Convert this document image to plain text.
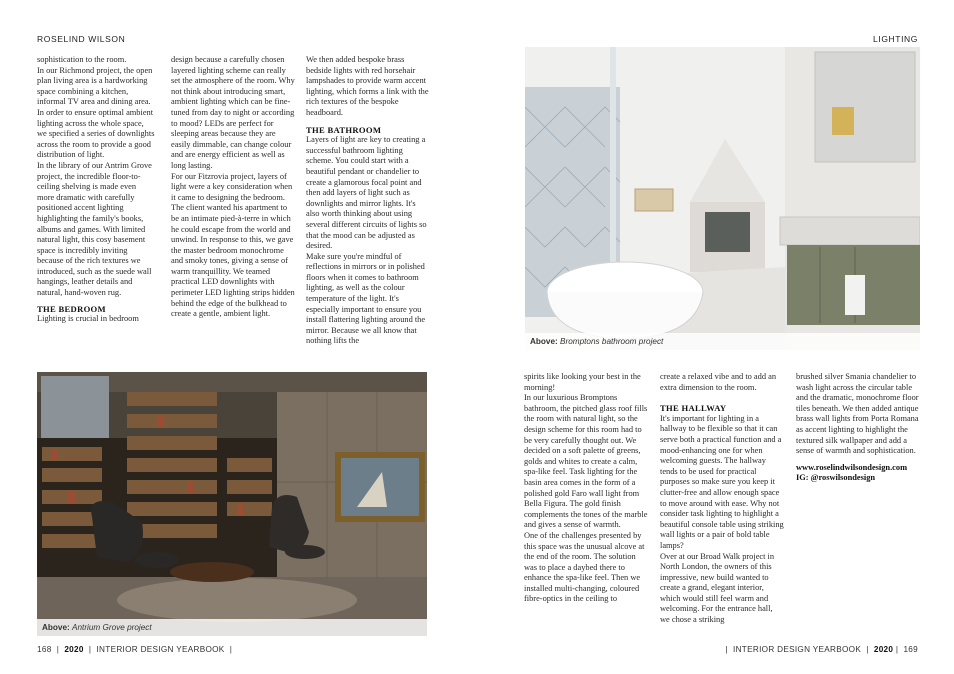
ROSELIND WILSON	LIGHTING

sophistication to the room.

In our Richmond project, the open plan living area is a hardworking space combining a kitchen, informal TV area and dining area. In order to ensure optimal ambient lighting across the whole space, we specified a series of downlights across the room to provide a good distribution of light.

In the library of our Antrim Grove project, the incredible floor-to-ceiling shelving is made even more dramatic with carefully positioned accent lighting highlighting the family's books, albums and games. With limited natural light, this cosy basement space is incredibly inviting because of the rich textures we introduced, such as the suede wall hangings, leather details and natural, hand-woven rug.

THE BEDROOM

Lighting is crucial in bedroom

design because a carefully chosen layered lighting scheme can really set the atmosphere of the room. Why not think about introducing smart, ambient lighting which can be fine-tuned from day to night or according to mood? LEDs are perfect for sleeping areas because they are easily dimmable, can change colour and are energy efficient as well as long lasting.

For our Fitzrovia project, layers of light were a key consideration when it came to designing the bedroom. The client wanted his apartment to be an intimate pied-à-terre in which he could escape from the world and unwind. In response to this, we gave the master bedroom monochrome and smoky tones, giving a sense of warm tranquillity. We teamed practical LED downlights with perimeter LED lighting strips hidden behind the edge of the bulkhead to create a gentle, ambient light.

We then added bespoke brass bedside lights with red horsehair lampshades to provide warm accent lighting, which forms a link with the rich textures of the bespoke headboard.

THE BATHROOM

Layers of light are key to creating a successful bathroom lighting scheme. You could start with a beautiful pendant or chandelier to create a glamorous focal point and then add layers of light such as downlights and mirror lights. It's also worth thinking about using several different circuits of lights so that the mood can be adjusted as desired.

Make sure you're mindful of reflections in mirrors or in polished floors when it comes to bathroom lighting, as well as the colour temperature of the light. It's especially important to ensure you install flattering lighting around the mirror. Because we all know that nothing lifts the	Above: Bromptons bathroom project
Above: Antrium Grove project

spirits like looking your best in the morning!

In our luxurious Bromptons bathroom, the pitched glass roof fills the room with natural light, so the design scheme for this room had to be very carefully thought out. We decided on a soft palette of greens, golds and whites to create a calm, spa-like feel. Task lighting for the basin area comes in the form of a polished gold Faro wall light from Bella Figura. The gold finish complements the tones of the marble and gives a sense of warmth.

One of the challenges presented by this space was the unusual alcove at the end of the room. The solution was to place a daybed there to enhance the spa-like feel. Then we installed multi-changing, coloured fibre-optics in the ceiling to

create a relaxed vibe and to add an extra dimension to the room.

THE HALLWAY

It's important for lighting in a hallway to be flexible so that it can serve both a practical function and a mood-enhancing one for when welcoming guests. The hallway tends to be used for practical purposes so make sure you keep it clutter-free and allow enough space to move around with ease. Why not consider task lighting to highlight a beautiful console table using striking wall lights or a pair of bold table lamps?

Over at our Broad Walk project in North London, the owners of this impressive, new build wanted to create a grand, elegant interior, which would still feel warm and welcoming. For the entrance hall, we chose a striking

brushed silver Smania chandelier to wash light across the circular table and the dramatic, monochrome floor tiles beneath. We then added antique brass wall lights from Porta Romana as accent lighting to highlight the textured silk wallpaper and add a sense of warmth and sophistication.

www.roselindwilsondesign.com
IG: @roswilsondesign
168 | 2020 | INTERIOR DESIGN YEARBOOK |	| INTERIOR DESIGN YEARBOOK | 2020 | 169
